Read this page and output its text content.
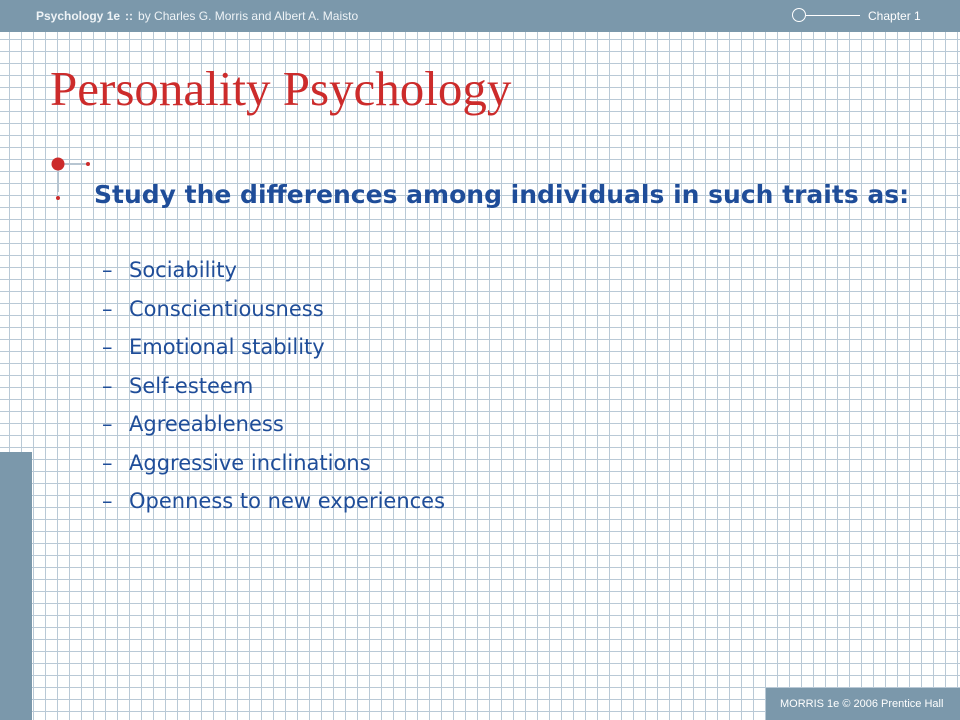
Psychology 1e :: by Charles G. Morris and Albert A. Maisto	Chapter 1
Personality Psychology

Study the differences among individuals in such traits as:

– Sociability
– Conscientiousness
– Emotional stability
– Self-esteem
– Agreeableness
– Aggressive inclinations
– Openness to new experiences
MORRIS 1e © 2006 Prentice Hall
